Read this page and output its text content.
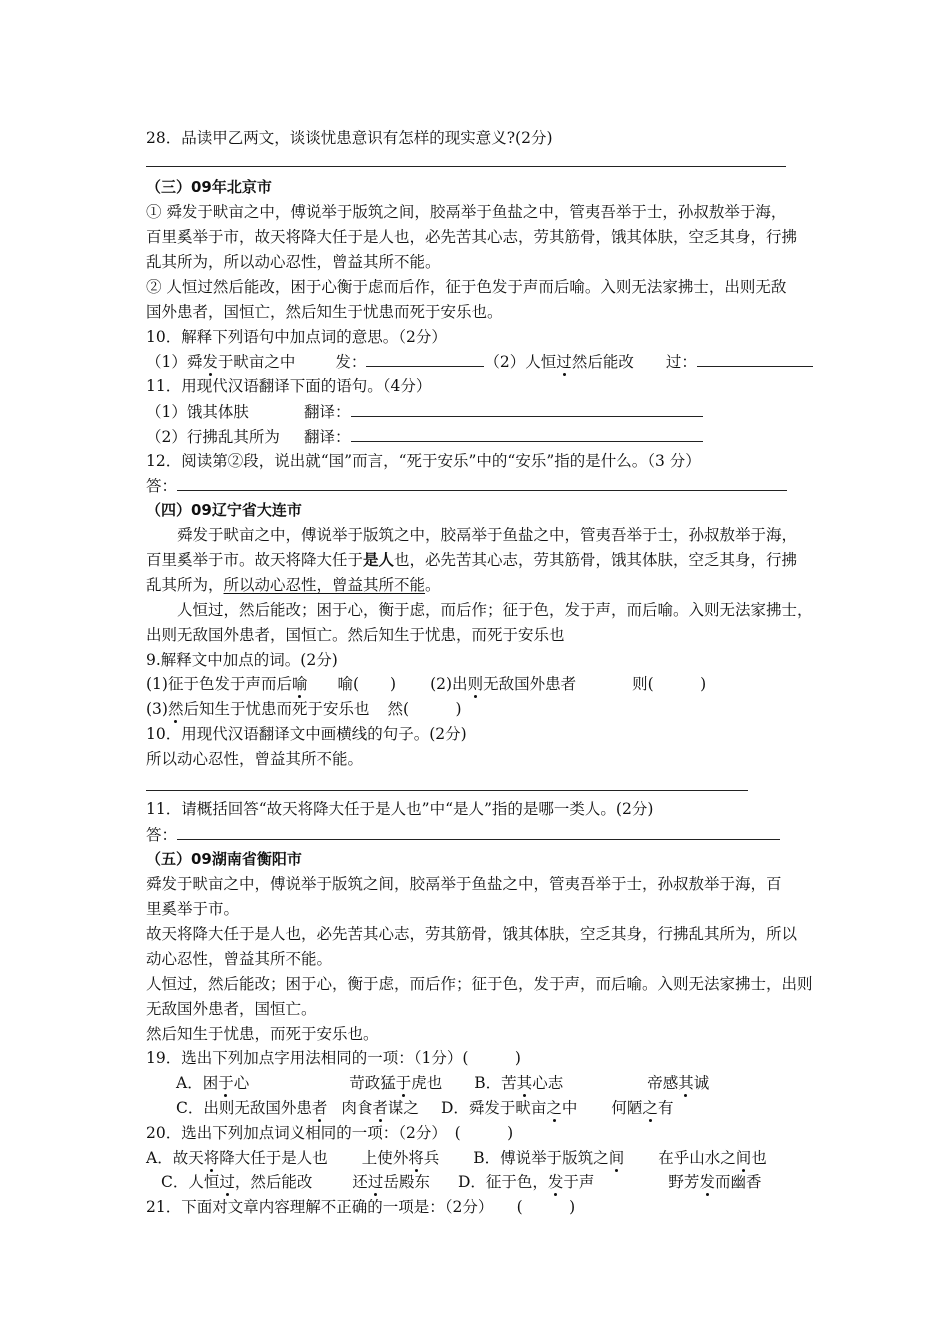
28．品读甲乙两文，谈谈忧患意识有怎样的现实意义?(2分)
（三）09年北京市
① 舜发于畎亩之中，傅说举于版筑之间，胶鬲举于鱼盐之中，管夷吾举于士，孙叔敖举于海，
百里奚举于市，故天将降大任于是人也，必先苦其心志，劳其筋骨，饿其体肤，空乏其身，行拂
乱其所为，所以动心忍性，曾益其所不能。
② 人恒过然后能改，困于心衡于虑而后作，征于色发于声而后喻。入则无法家拂士，出则无敌
国外患者，国恒亡，然后知生于忧患而死于安乐也。
10．解释下列语句中加点词的意思。（2分）
（1）舜发于畎亩之中	发：	（2）人恒过然后能改 过：
11．用现代汉语翻译下面的语句。（4分）
（1）饿其体肤	翻译：
（2）行拂乱其所为 翻译：
12．阅读第②段，说出就“国”而言，“死于安乐”中的“安乐”指的是什么。（3 分）
答：
（四）09辽宁省大连市
舜发于畎亩之中，傅说举于版筑之中，胶鬲举于鱼盐之中，管夷吾举于士，孙叔敖举于海，
百里奚举于市。故天将降大任于是人也，必先苦其心志，劳其筋骨，饿其体肤，空乏其身，行拂
乱其所为，所以动心忍性，曾益其所不能。
人恒过，然后能改；困于心，衡于虑，而后作；征于色，发于声，而后喻。入则无法家拂士，
出则无敌国外患者，国恒亡。然后知生于忧患，而死于安乐也
9.解释文中加点的词。(2分)
(1)征于色发于声而后喻 喻(　　) (2)出则无敌国外患者	则(　　　)
(3)然后知生于忧患而死于安乐也 然(　　　)
10．用现代汉语翻译文中画横线的句子。(2分)
所以动心忍性，曾益其所不能。
11．请概括回答“故天将降大任于是人也”中“是人”指的是哪一类人。(2分)
答：
（五）09湖南省衡阳市
舜发于畎亩之中，傅说举于版筑之间，胶鬲举于鱼盐之中，管夷吾举于士，孙叔敖举于海，百
里奚举于市。
故天将降大任于是人也，必先苦其心志，劳其筋骨，饿其体肤，空乏其身，行拂乱其所为，所以
动心忍性，曾益其所不能。
人恒过，然后能改；困于心，衡于虑，而后作；征于色，发于声，而后喻。入则无法家拂士，出则
无敌国外患者，国恒亡。
然后知生于忧患，而死于安乐也。
19．选出下列加点字用法相同的一项：（1分）(　　　)
A．困于心	苛政猛于虎也 B．苦其心志	帝感其诚
C．出则无敌国外患者 肉食者谋之 D．舜发于畎亩之中 何陋之有
20．选出下列加点词义相同的一项：（2分）　(　　　)
A．故天将降大任于是人也 上使外将兵 B．傅说举于版筑之间 在乎山水之间也
C．人恒过，然后能改	还过岳殿东 D．征于色，发于声	野芳发而幽香
21．下面对文章内容理解不正确的一项是：（2分）　　(　　　)
